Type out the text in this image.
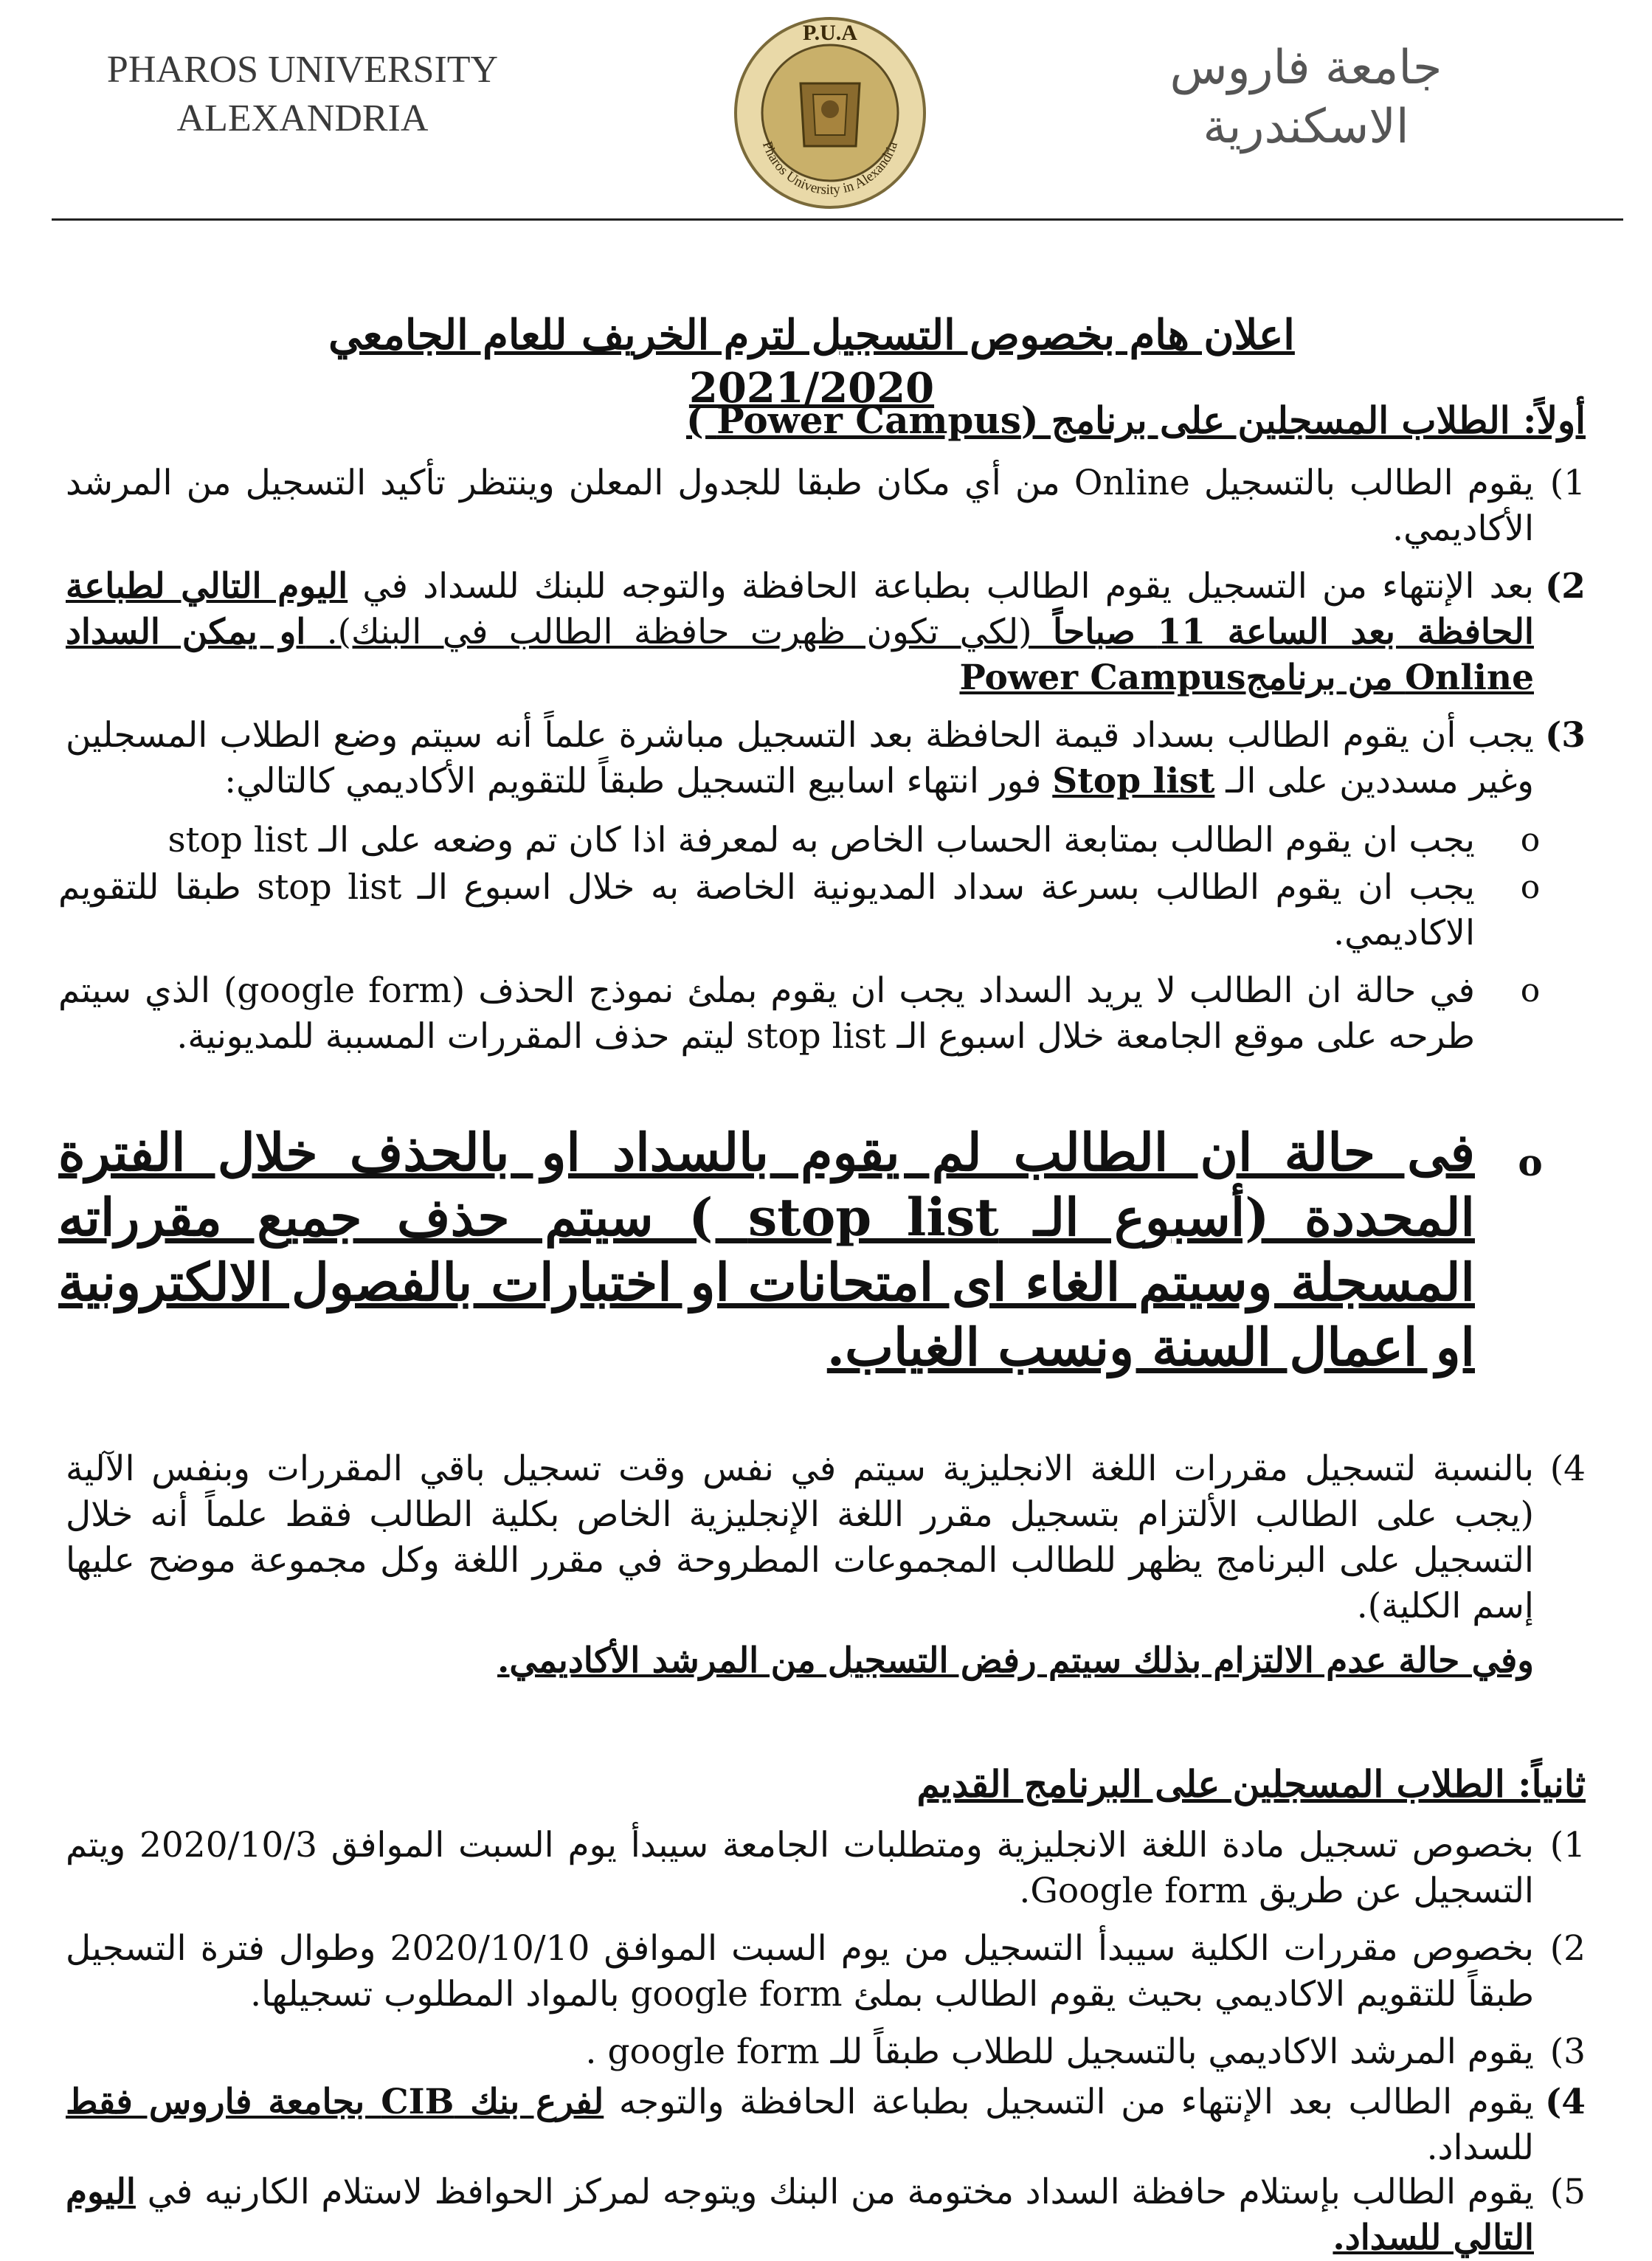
PHAROS UNIVERSITY
ALEXANDRIA
P.U.A
Pharos University in Alexandria
جامعة فاروس
الاسكندرية
اعلان هام بخصوص التسجيل لترم الخريف للعام الجامعي 2021/2020
أولاً: الطلاب المسجلين على برنامج (Power Campus )
1)
يقوم الطالب بالتسجيل Online من أي مكان طبقا للجدول المعلن وينتظر تأكيد التسجيل من المرشد الأكاديمي.
2)
بعد الإنتهاء من التسجيل يقوم الطالب بطباعة الحافظة والتوجه للبنك للسداد في اليوم التالي لطباعة الحافظة بعد الساعة 11 صباحاً (لكي تكون ظهرت حافظة الطالب في البنك). او يمكن السداد Online من برنامجPower Campus
3)
يجب أن يقوم الطالب بسداد قيمة الحافظة بعد التسجيل مباشرة علماً أنه سيتم وضع الطلاب المسجلين وغير مسددين على الـ Stop list فور انتهاء اسابيع التسجيل طبقاً للتقويم الأكاديمي كالتالي:
o
يجب ان يقوم الطالب بمتابعة الحساب الخاص به لمعرفة اذا كان تم وضعه على الـ stop list
o
يجب ان يقوم الطالب بسرعة سداد المديونية الخاصة به خلال اسبوع الـ stop list طبقا للتقويم الاكاديمي.
o
في حالة ان الطالب لا يريد السداد يجب ان يقوم بملئ نموذج الحذف (google form) الذي سيتم طرحه على موقع الجامعة خلال اسبوع الـ stop list ليتم حذف المقررات المسببة للمديونية.
o
فى حالة ان الطالب لم يقوم بالسداد او بالحذف خلال الفترة المحددة (أسبوع الـ stop list ) سيتم حذف جميع مقرراته المسجلة وسيتم الغاء اى امتحانات او اختبارات بالفصول الالكترونية او اعمال السنة ونسب الغياب.
4)
بالنسبة لتسجيل مقررات اللغة الانجليزية سيتم في نفس وقت تسجيل باقي المقررات وبنفس الآلية (يجب على الطالب الألتزام بتسجيل مقرر اللغة الإنجليزية الخاص بكلية الطالب فقط علماً أنه خلال التسجيل على البرنامج يظهر للطالب المجموعات المطروحة في مقرر اللغة وكل مجموعة موضح عليها إسم الكلية).
وفي حالة عدم الالتزام بذلك سيتم رفض التسجيل من المرشد الأكاديمي.
ثانياً: الطلاب المسجلين على البرنامج القديم
1)
بخصوص تسجيل مادة اللغة الانجليزية ومتطلبات الجامعة سيبدأ يوم السبت الموافق 2020/10/3 ويتم التسجيل عن طريق Google form.
2)
بخصوص مقررات الكلية سيبدأ التسجيل من يوم السبت الموافق 2020/10/10 وطوال فترة التسجيل طبقاً للتقويم الاكاديمي بحيث يقوم الطالب بملئ google form بالمواد المطلوب تسجيلها.
3)
يقوم المرشد الاكاديمي بالتسجيل للطلاب طبقاً للـ google form .
4)
يقوم الطالب بعد الإنتهاء من التسجيل بطباعة الحافظة والتوجه لفرع بنك CIB بجامعة فاروس فقط للسداد.
5)
يقوم الطالب بإستلام حافظة السداد مختومة من البنك ويتوجه لمركز الحوافظ لاستلام الكارنيه في اليوم التالي للسداد.
